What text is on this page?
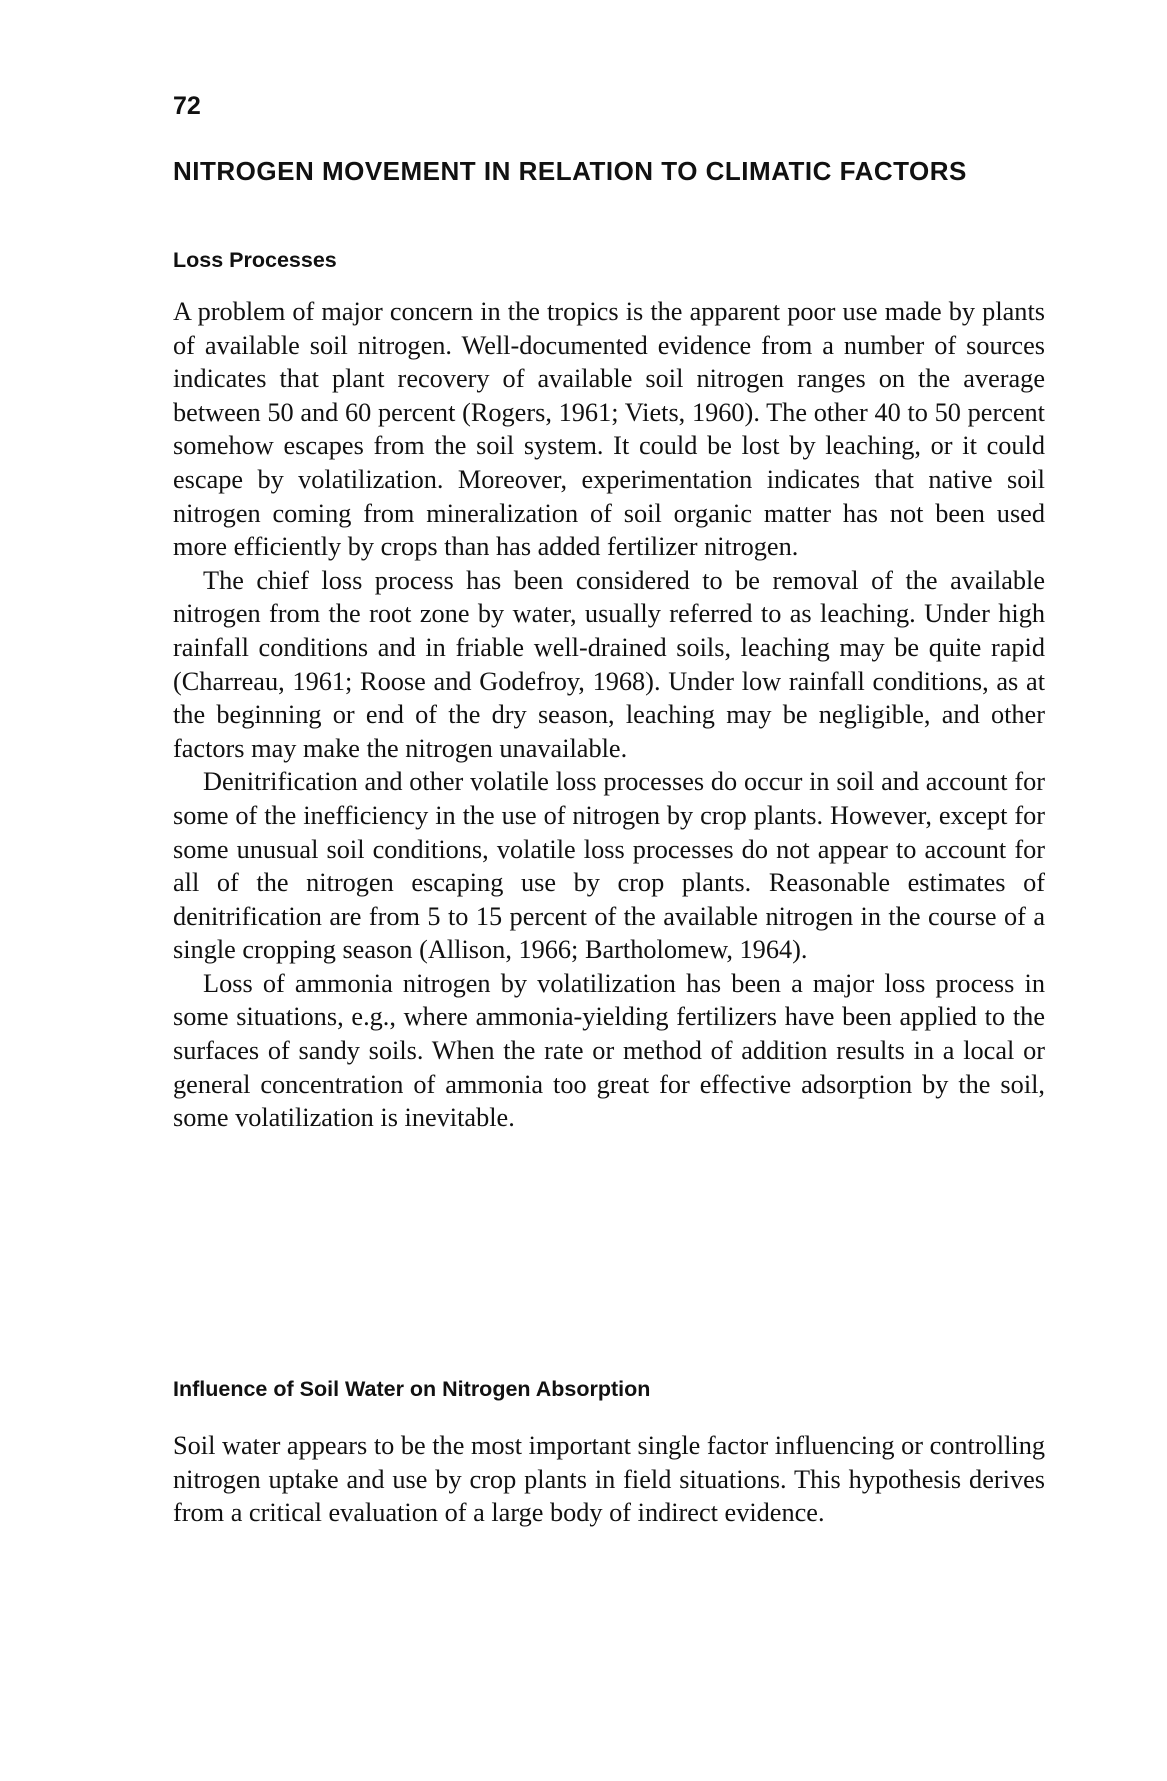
72
NITROGEN MOVEMENT IN RELATION TO CLIMATIC FACTORS
Loss Processes

A problem of major concern in the tropics is the apparent poor use made by plants of available soil nitrogen. Well-documented evidence from a number of sources indicates that plant recovery of available soil nitrogen ranges on the average between 50 and 60 percent (Rogers, 1961; Viets, 1960). The other 40 to 50 percent somehow escapes from the soil system. It could be lost by leaching, or it could escape by volatilization. Moreover, experimentation indicates that native soil nitrogen coming from mineralization of soil organic matter has not been used more efficiently by crops than has added fertilizer nitrogen.

The chief loss process has been considered to be removal of the available nitrogen from the root zone by water, usually referred to as leaching. Under high rainfall conditions and in friable well-drained soils, leaching may be quite rapid (Charreau, 1961; Roose and Godefroy, 1968). Under low rainfall conditions, as at the beginning or end of the dry season, leaching may be negligible, and other factors may make the nitrogen unavailable.

Denitrification and other volatile loss processes do occur in soil and account for some of the inefficiency in the use of nitrogen by crop plants. However, except for some unusual soil conditions, volatile loss processes do not appear to account for all of the nitrogen escaping use by crop plants. Reasonable estimates of denitrification are from 5 to 15 percent of the available nitrogen in the course of a single cropping season (Allison, 1966; Bartholomew, 1964).

Loss of ammonia nitrogen by volatilization has been a major loss process in some situations, e.g., where ammonia-yielding fertilizers have been applied to the surfaces of sandy soils. When the rate or method of addition results in a local or general concentration of ammonia too great for effective adsorption by the soil, some volatilization is inevitable.

Influence of Soil Water on Nitrogen Absorption

Soil water appears to be the most important single factor influencing or controlling nitrogen uptake and use by crop plants in field situations. This hypothesis derives from a critical evaluation of a large body of indirect evidence.
